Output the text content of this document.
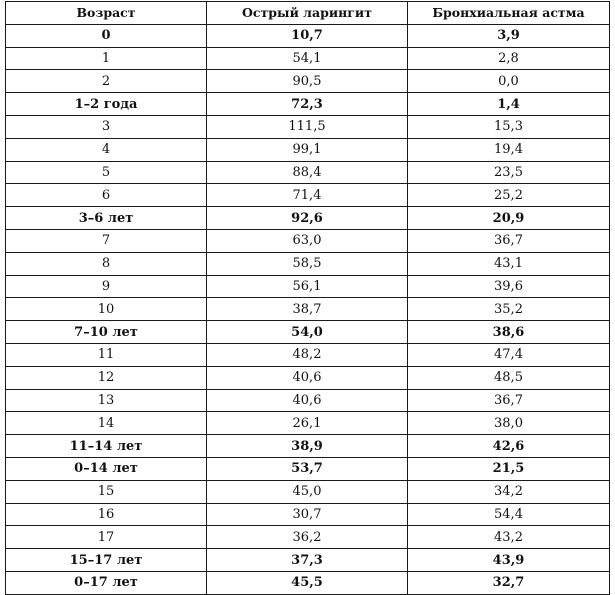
Возраст	Острый ларингит	Бронхиальная астма
0	10,7	3,9
1	54,1	2,8
2	90,5	0,0
1–2 года	72,3	1,4
3	111,5	15,3
4	99,1	19,4
5	88,4	23,5
6	71,4	25,2
3–6 лет	92,6	20,9
7	63,0	36,7
8	58,5	43,1
9	56,1	39,6
10	38,7	35,2
7–10 лет	54,0	38,6
11	48,2	47,4
12	40,6	48,5
13	40,6	36,7
14	26,1	38,0
11–14 лет	38,9	42,6
0–14 лет	53,7	21,5
15	45,0	34,2
16	30,7	54,4
17	36,2	43,2
15–17 лет	37,3	43,9
0–17 лет	45,5	32,7
